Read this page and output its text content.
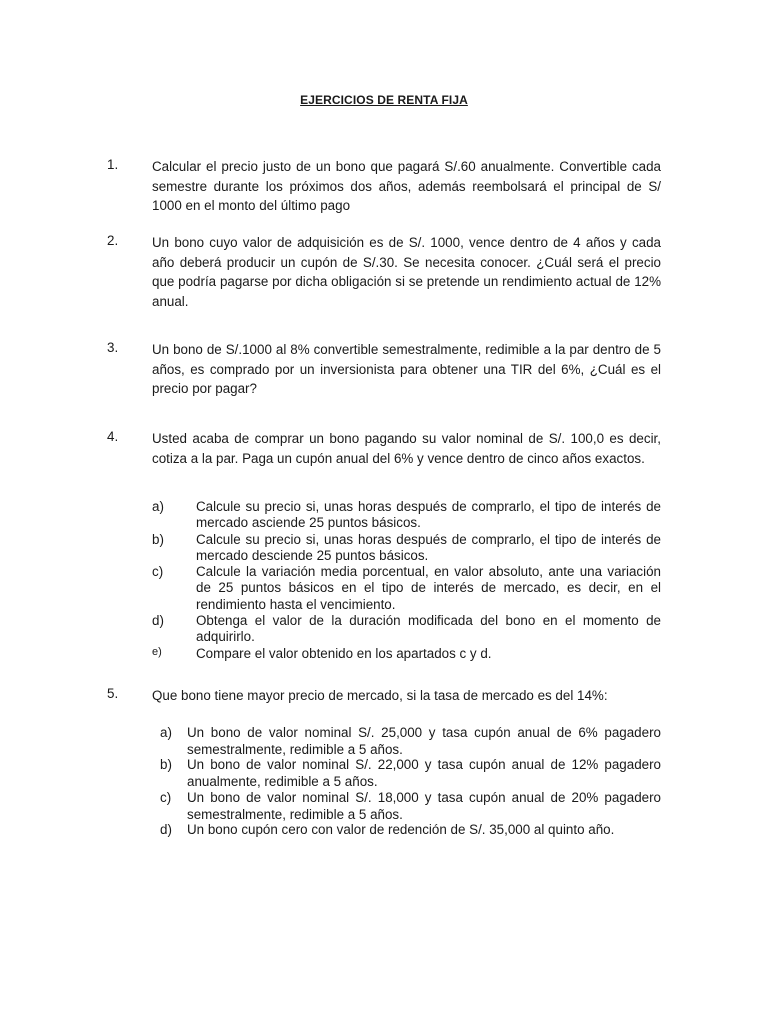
EJERCICIOS DE RENTA FIJA
1.	Calcular el precio justo de un bono que pagará S/.60 anualmente. Convertible cada semestre durante los próximos dos años, además reembolsará el principal de S/ 1000 en el monto del último pago
2.	Un bono cuyo valor de adquisición es de S/. 1000, vence dentro de 4 años y cada año deberá producir un cupón de S/.30. Se necesita conocer. ¿Cuál será el precio que podría pagarse por dicha obligación si se pretende un rendimiento actual de 12% anual.
3.	Un bono de S/.1000 al 8% convertible semestralmente, redimible a la par dentro de 5 años, es comprado por un inversionista para obtener una TIR del 6%, ¿Cuál es el precio por pagar?
4.	Usted acaba de comprar un bono pagando su valor nominal de S/. 100,0 es decir, cotiza a la par. Paga un cupón anual del 6% y vence dentro de cinco años exactos.
a) Calcule su precio si, unas horas después de comprarlo, el tipo de interés de mercado asciende 25 puntos básicos.
b) Calcule su precio si, unas horas después de comprarlo, el tipo de interés de mercado desciende 25 puntos básicos.
c) Calcule la variación media porcentual, en valor absoluto, ante una variación de 25 puntos básicos en el tipo de interés de mercado, es decir, en el rendimiento hasta el vencimiento.
d) Obtenga el valor de la duración modificada del bono en el momento de adquirirlo.
e)	Compare el valor obtenido en los apartados c y d.
5.	Que bono tiene mayor precio de mercado, si la tasa de mercado es del 14%:
a) Un bono de valor nominal S/. 25,000 y tasa cupón anual de 6% pagadero semestralmente, redimible a 5 años.
b) Un bono de valor nominal S/. 22,000 y tasa cupón anual de 12% pagadero anualmente, redimible a 5 años.
c) Un bono de valor nominal S/. 18,000 y tasa cupón anual de 20% pagadero semestralmente, redimible a 5 años.
d) Un bono cupón cero con valor de redención de S/. 35,000 al quinto año.
